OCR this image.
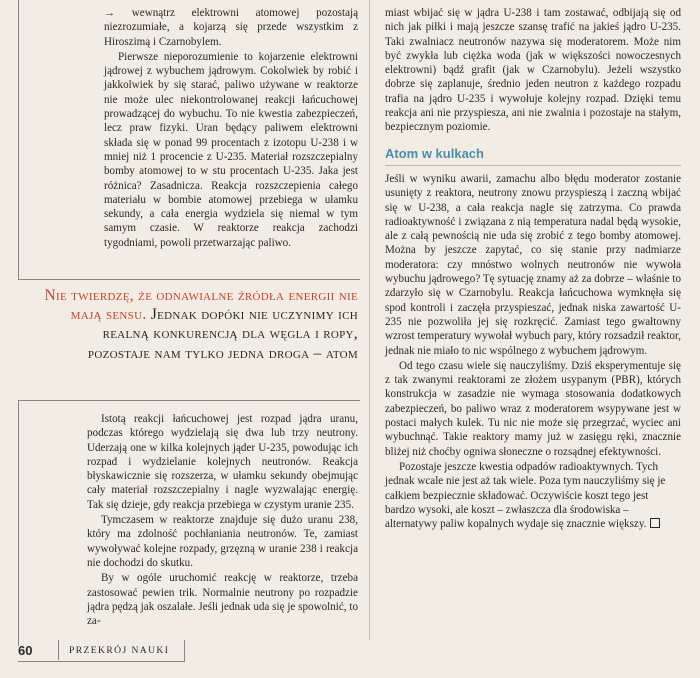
→ wewnątrz elektrowni atomowej pozostają niezrozumiałe, a kojarzą się przede wszystkim z Hiroszimą i Czarnobylem.

Pierwsze nieporozumienie to kojarzenie elektrowni jądrowej z wybuchem jądrowym. Cokolwiek by robić i jakkolwiek by się starać, paliwo używane w reaktorze nie może ulec niekontrolowanej reakcji łańcuchowej prowadzącej do wybuchu. To nie kwestia zabezpieczeń, lecz praw fizyki. Uran będący paliwem elektrowni składa się w ponad 99 procentach z izotopu U-238 i w mniej niż 1 procencie z U-235. Materiał rozszczepialny bomby atomowej to w stu procentach U-235. Jaka jest różnica? Zasadnicza. Reakcja rozszczepienia całego materiału w bombie atomowej przebiega w ułamku sekundy, a cała energia wydziela się niemal w tym samym czasie. W reaktorze reakcja zachodzi tygodniami, powoli przetwarzając paliwo.

Nie twierdzę, że odnawialne źródła energii nie mają sensu. Jednak dopóki nie uczynimy ich realną konkurencją dla węgla i ropy, pozostaje nam tylko jedna droga – atom

Istotą reakcji łańcuchowej jest rozpad jądra uranu, podczas którego wydzielają się dwa lub trzy neutrony. Uderzają one w kilka kolejnych jąder U-235, powodując ich rozpad i wydzielanie kolejnych neutronów. Reakcja błyskawicznie się rozszerza, w ułamku sekundy obejmując cały materiał rozszczepialny i nagle wyzwalając energię. Tak się dzieje, gdy reakcja przebiega w czystym uranie 235.

Tymczasem w reaktorze znajduje się dużo uranu 238, który ma zdolność pochłaniania neutronów. Te, zamiast wywoływać kolejne rozpady, grzęzną w uranie 238 i reakcja nie dochodzi do skutku.

By w ogóle uruchomić reakcję w reaktorze, trzeba zastosować pewien trik. Normalnie neutrony po rozpadzie jądra pędzą jak oszalałe. Jeśli jednak uda się je spowolnić, to za-

miast wbijać się w jądra U-238 i tam zostawać, odbijają się od nich jak piłki i mają jeszcze szansę trafić na jakieś jądro U-235. Taki zwalniacz neutronów nazywa się moderatorem. Może nim być zwykła lub ciężka woda (jak w większości nowoczesnych elektrowni) bądź grafit (jak w Czarnobylu). Jeżeli wszystko dobrze się zaplanuje, średnio jeden neutron z każdego rozpadu trafia na jądro U-235 i wywołuje kolejny rozpad. Dzięki temu reakcja ani nie przyspiesza, ani nie zwalnia i pozostaje na stałym, bezpiecznym poziomie.

Atom w kulkach

Jeśli w wyniku awarii, zamachu albo błędu moderator zostanie usunięty z reaktora, neutrony znowu przyspieszą i zaczną wbijać się w U-238, a cała reakcja nagle się zatrzyma. Co prawda radioaktywność i związana z nią temperatura nadal będą wysokie, ale z całą pewnością nie uda się zrobić z tego bomby atomowej. Można by jeszcze zapytać, co się stanie przy nadmiarze moderatora: czy mnóstwo wolnych neutronów nie wywoła wybuchu jądrowego? Tę sytuację znamy aż za dobrze – właśnie to zdarzyło się w Czarnobylu. Reakcja łańcuchowa wymknęła się spod kontroli i zaczęła przyspieszać, jednak niska zawartość U-235 nie pozwoliła jej się rozkręcić. Zamiast tego gwałtowny wzrost temperatury wywołał wybuch pary, który rozsadził reaktor, jednak nie miało to nic wspólnego z wybuchem jądrowym.

Od tego czasu wiele się nauczyliśmy. Dziś eksperymentuje się z tak zwanymi reaktorami ze złożem usypanym (PBR), których konstrukcja w zasadzie nie wymaga stosowania dodatkowych zabezpieczeń, bo paliwo wraz z moderatorem wsypywane jest w postaci małych kulek. Tu nic nie może się przegrzać, wyciec ani wybuchnąć. Takie reaktory mamy już w zasięgu ręki, znacznie bliżej niż choćby ogniwa słoneczne o rozsądnej efektywności.

Pozostaje jeszcze kwestia odpadów radioaktywnych. Tych jednak wcale nie jest aż tak wiele. Poza tym nauczyliśmy się je całkiem bezpiecznie składować. Oczywiście koszt tego jest bardzo wysoki, ale koszt – zwłaszcza dla środowiska – alternatywy paliw kopalnych wydaje się znacznie większy.

60	PRZEKRÓJ NAUKI
